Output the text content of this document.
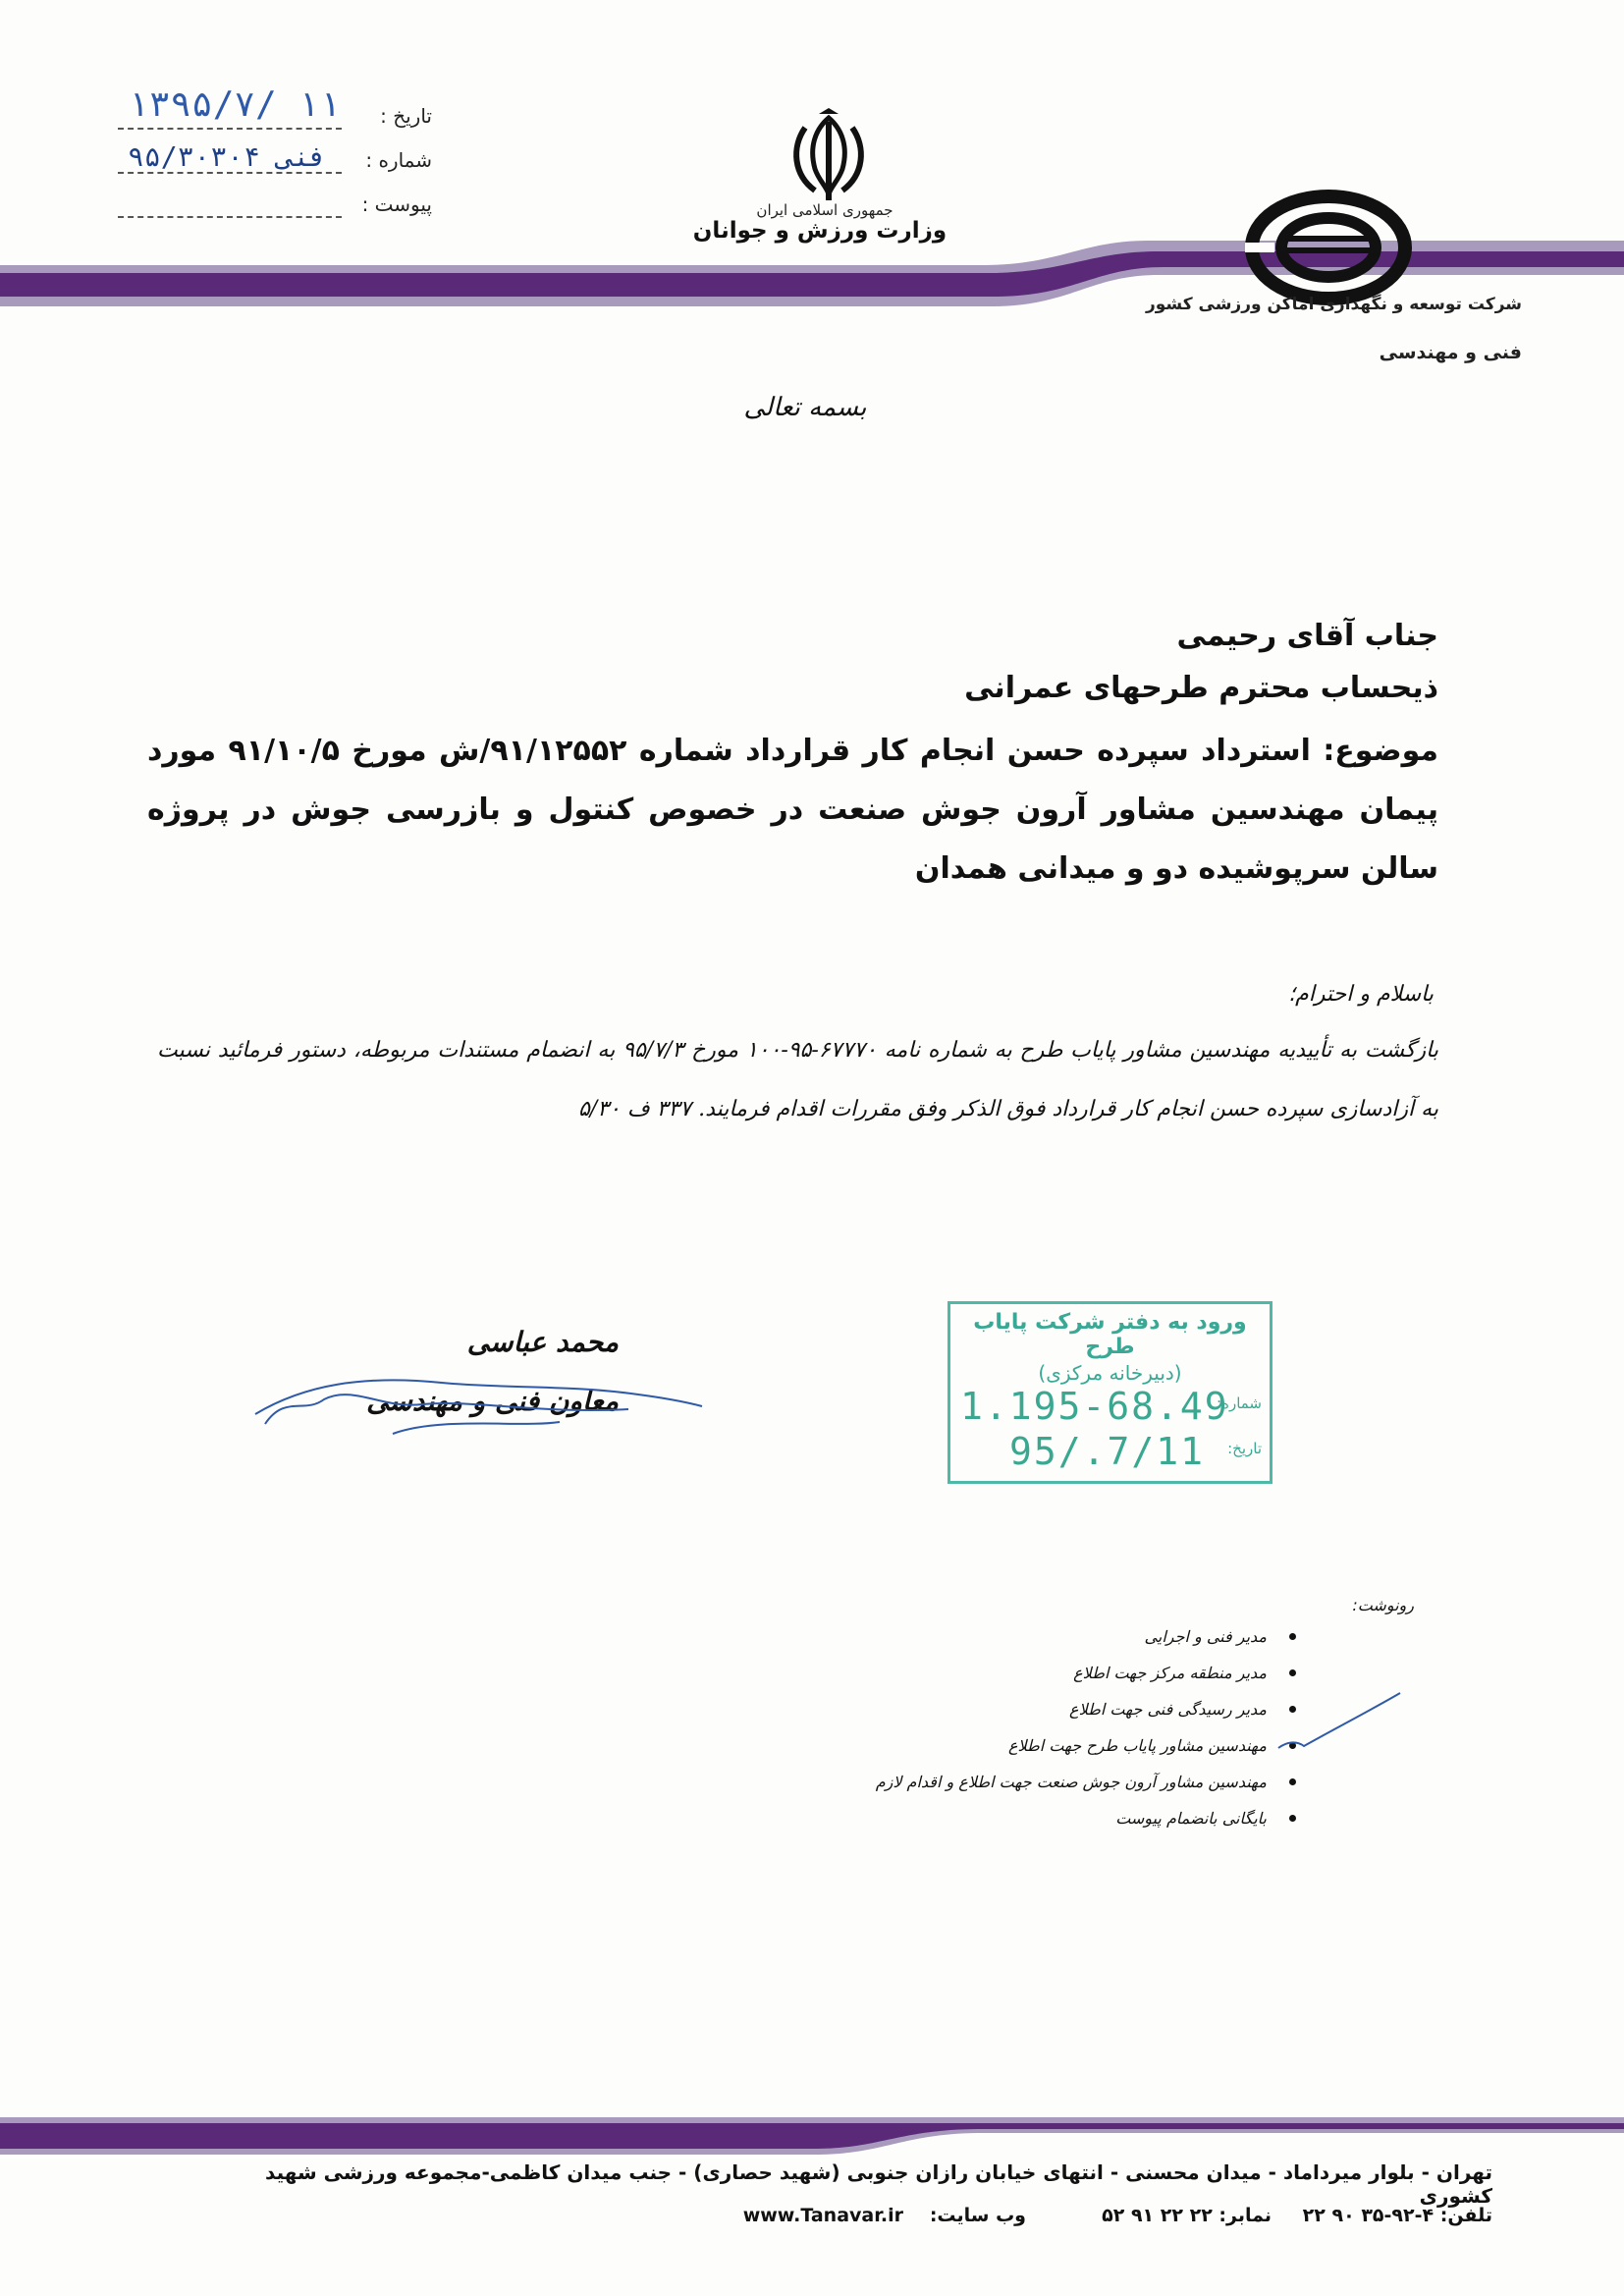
۱۳۹۵/۷/ ۱۱ تاریخ :
۹۵/۳۰۳۰۴ فنی شماره :
پیوست :	جمهوری اسلامی ایران
وزارت ورزش و جوانان
شرکت توسعه و نگهداری اماکن ورزشی کشور
فنی و مهندسی
بسمه تعالی
جناب آقای رحیمی
ذیحساب محترم طرحهای عمرانی
موضوع: استرداد سپرده حسن انجام کار قرارداد شماره ۹۱/۱۲۵۵۲/ش مورخ ۹۱/۱۰/۵ مورد پیمان مهندسین مشاور آرون جوش صنعت در خصوص کنتول و بازرسی جوش در پروژه سالن سرپوشیده دو و میدانی همدان
باسلام و احترام؛
بازگشت به تأییدیه مهندسین مشاور پایاب طرح به شماره نامه ۶۷۷۷۰-۹۵-۱۰۰ مورخ ۹۵/۷/۳ به انضمام مستندات مربوطه، دستور فرمائید نسبت به آزادسازی سپرده حسن انجام کار قرارداد فوق الذکر وفق مقررات اقدام فرمایند. ۳۳۷ ف ۵/۳۰
محمد عباسی
معاون فنی و مهندسی
ورود به دفتر شرکت پایاب طرح
(دبیرخانه مرکزی)
شماره:
1.195-68.49
تاریخ:
95/.7/11
رونوشت:
مدیر فنی و اجرایی
مدیر منطقه مرکز جهت اطلاع
مدیر رسیدگی فنی جهت اطلاع
مهندسین مشاور پایاب طرح جهت اطلاع
مهندسین مشاور آرون جوش صنعت جهت اطلاع و اقدام لازم
بایگانی بانضمام پیوست
تهران - بلوار میرداماد - میدان محسنی - انتهای خیابان رازان جنوبی (شهید حصاری) - جنب میدان کاظمی-مجموعه ورزشی شهید کشوری
تلفن: ۴-۹۲-۳۵ ۹۰ ۲۲
نمابر: ۲۲ ۲۲ ۹۱ ۵۲
وب سایت:
www.Tanavar.ir
